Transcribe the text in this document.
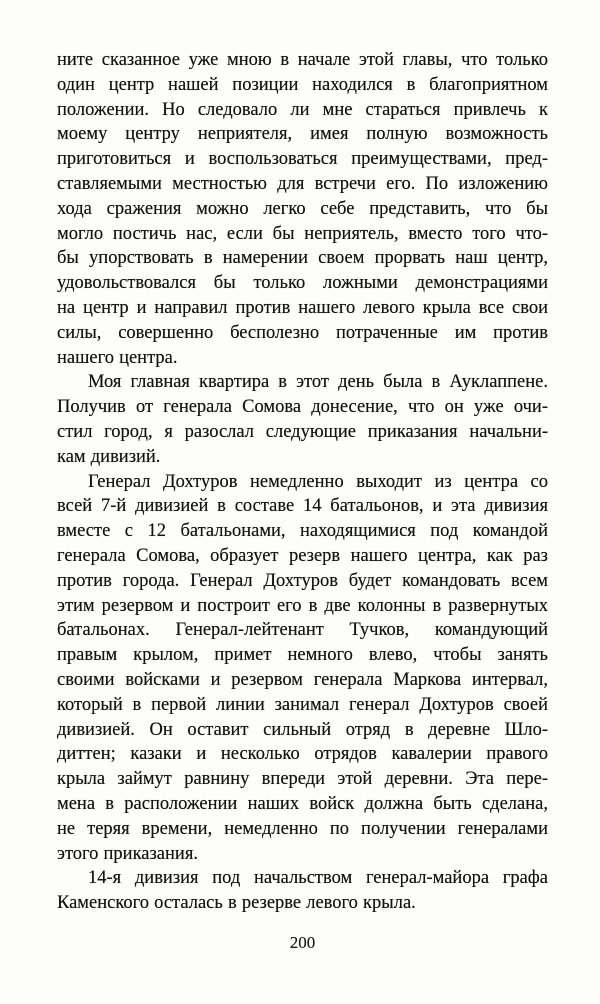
ните сказанное уже мною в начале этой главы, что только
один центр нашей позиции находился в благоприятном
положении. Но следовало ли мне стараться привлечь к
моему центру неприятеля, имея полную возможность
приготовиться и воспользоваться преимуществами, пред-
ставляемыми местностью для встречи его. По изложению
хода сражения можно легко себе представить, что бы
могло постичь нас, если бы неприятель, вместо того что-
бы упорствовать в намерении своем прорвать наш центр,
удовольствовался бы только ложными демонстрациями
на центр и направил против нашего левого крыла все свои
силы, совершенно бесполезно потраченные им против
нашего центра.
Моя главная квартира в этот день была в Ауклаппене.
Получив от генерала Сомова донесение, что он уже очи-
стил город, я разослал следующие приказания начальни-
кам дивизий.
Генерал Дохтуров немедленно выходит из центра со
всей 7-й дивизией в составе 14 батальонов, и эта дивизия
вместе с 12 батальонами, находящимися под командой
генерала Сомова, образует резерв нашего центра, как раз
против города. Генерал Дохтуров будет командовать всем
этим резервом и построит его в две колонны в развернутых
батальонах. Генерал-лейтенант Тучков, командующий
правым крылом, примет немного влево, чтобы занять
своими войсками и резервом генерала Маркова интервал,
который в первой линии занимал генерал Дохтуров своей
дивизией. Он оставит сильный отряд в деревне Шло-
диттен; казаки и несколько отрядов кавалерии правого
крыла займут равнину впереди этой деревни. Эта пере-
мена в расположении наших войск должна быть сделана,
не теряя времени, немедленно по получении генералами
этого приказания.
14-я дивизия под начальством генерал-майора графа
Каменского осталась в резерве левого крыла.
200
